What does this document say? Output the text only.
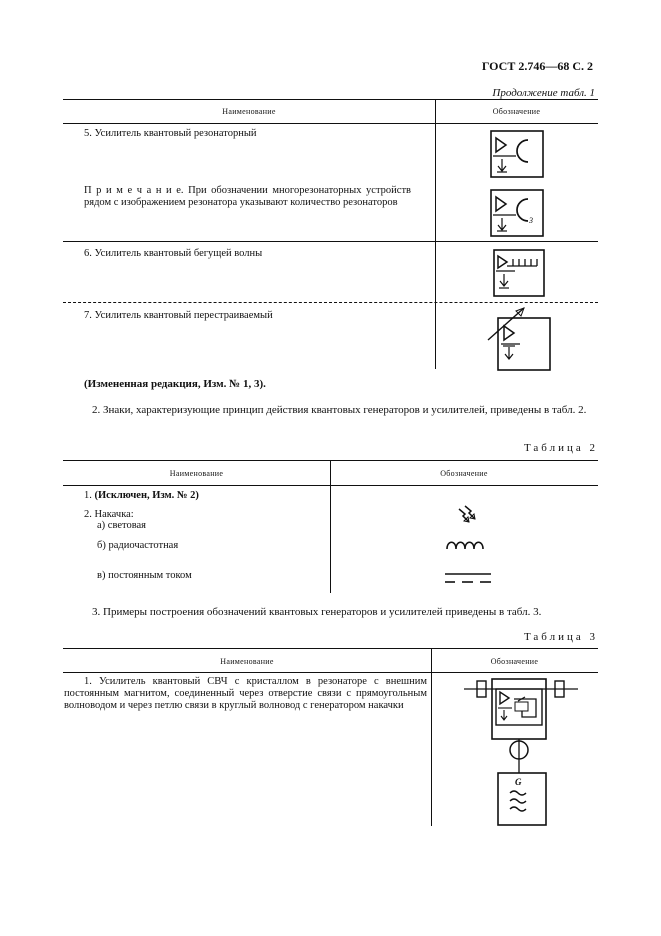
ГОСТ 2.746—68 С. 2
Продолжение табл. 1
Наименование	Обозначение
5. Усилитель квантовый резонаторный
П р и м е ч а н и е. При обозначении многорезонаторных устройств рядом с изображением резонатора указывают количество резонаторов
6. Усилитель квантовый бегущей волны
7. Усилитель квантовый перестраиваемый
3
(Измененная редакция, Изм. № 1, 3).
2. Знаки, характеризующие принцип действия квантовых генераторов и усилителей, приведены в табл. 2.
Таблица 2
Наименование	Обозначение
1. (Исключен, Изм. № 2)
2. Накачка:
а) световая
б) радиочастотная
в) постоянным током
3. Примеры построения обозначений квантовых генераторов и усилителей приведены в табл. 3.
Таблица 3
Наименование	Обозначение
1. Усилитель квантовый СВЧ с кристаллом в резонаторе с внешним постоянным магнитом, соединенный через отверстие связи с прямоугольным волноводом и через петлю связи в круглый волновод с генератором накачки
G
